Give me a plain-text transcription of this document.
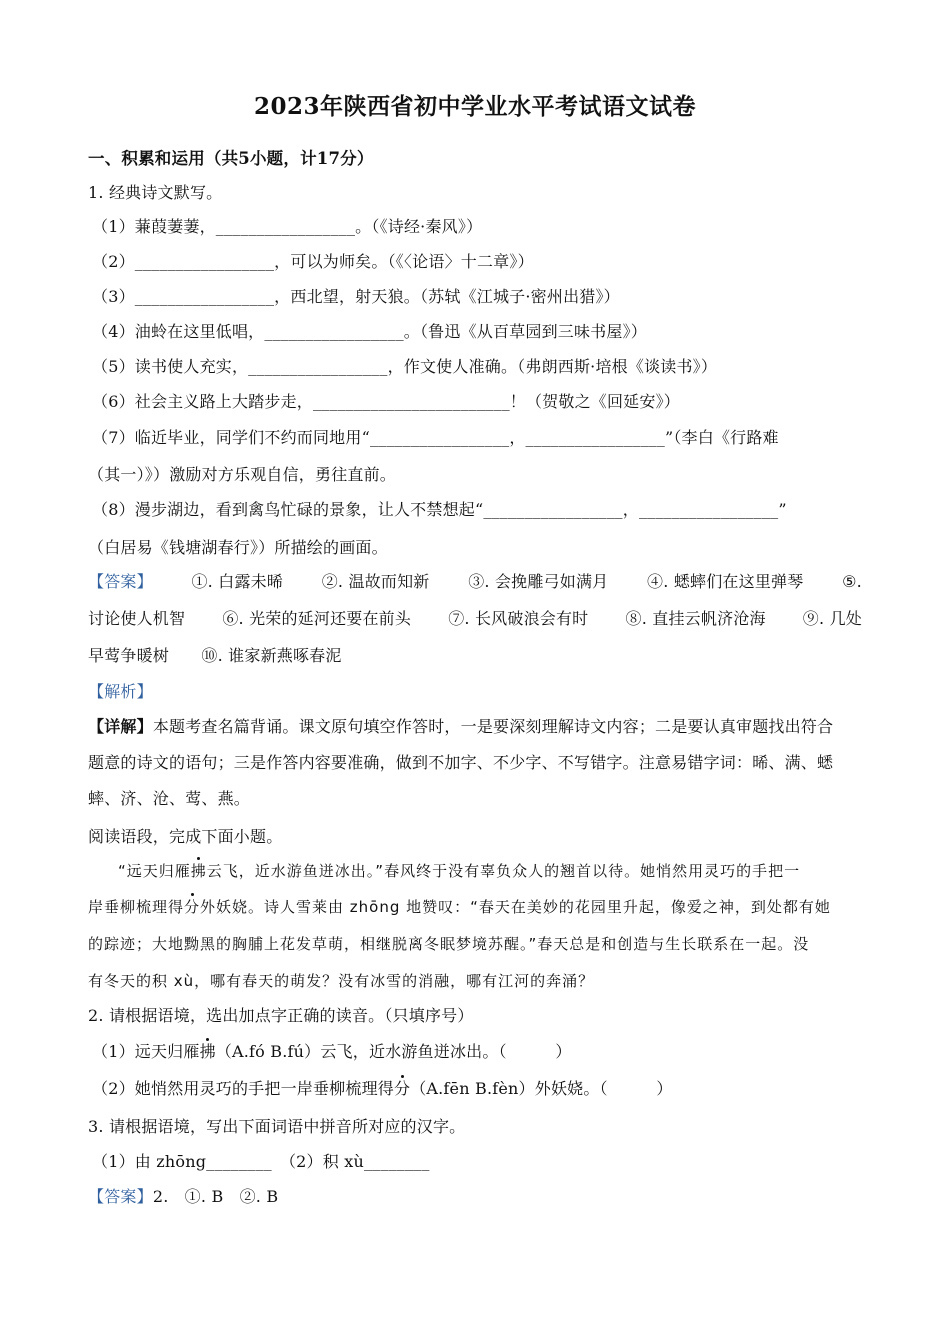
2023年陕西省初中学业水平考试语文试卷
一、积累和运用（共5小题，计17分）
1. 经典诗文默写。
（1）蒹葭萋萋，_________________。（《诗经·秦风》）
（2）_________________，可以为师矣。（《〈论语〉十二章》）
（3）_________________，西北望，射天狼。（苏轼《江城子·密州出猎》）
（4）油蛉在这里低唱，_________________。（鲁迅《从百草园到三味书屋》）
（5）读书使人充实，_________________，作文使人准确。（弗朗西斯·培根《谈读书》）
（6）社会主义路上大踏步走，________________________！（贺敬之《回延安》）
（7）临近毕业，同学们不约而同地用“_________________，_________________”（李白《行路难
（其一）》）激励对方乐观自信，勇往直前。
（8）漫步湖边，看到禽鸟忙碌的景象，让人不禁想起“_________________，_________________”
（白居易《钱塘湖春行》）所描绘的画面。
【答案】 ①. 白露未晞 ②. 温故而知新 ③. 会挽雕弓如满月 ④. 蟋蟀们在这里弹琴 ⑤.
讨论使人机智 ⑥. 光荣的延河还要在前头 ⑦. 长风破浪会有时 ⑧. 直挂云帆济沧海 ⑨. 几处
早莺争暖树　　⑩. 谁家新燕啄春泥
【解析】
【详解】本题考查名篇背诵。课文原句填空作答时，一是要深刻理解诗文内容；二是要认真审题找出符合
题意的诗文的语句；三是作答内容要准确，做到不加字、不少字、不写错字。注意易错字词：晞、满、蟋
蟀、济、沧、莺、燕。
阅读语段，完成下面小题。
“远天归雁拂云飞，近水游鱼迸冰出。”春风终于没有辜负众人的翘首以待。她悄然用灵巧的手把一
岸垂柳梳理得分外妖娆。诗人雪莱由 zhōng 地赞叹：“春天在美妙的花园里升起，像爱之神，到处都有她
的踪迹；大地黝黑的胸脯上花发草萌，相继脱离冬眠梦境苏醒。”春天总是和创造与生长联系在一起。没
有冬天的积 xù，哪有春天的萌发？没有冰雪的消融，哪有江河的奔涌？
2. 请根据语境，选出加点字正确的读音。（只填序号）
（1）远天归雁拂（A.fó B.fú）云飞，近水游鱼迸冰出。（　　　）
（2）她悄然用灵巧的手把一岸垂柳梳理得分（A.fēn B.fèn）外妖娆。（　　　）
3. 请根据语境，写出下面词语中拼音所对应的汉字。
（1）由 zhōng________　（2）积 xù________
【答案】2.　①. B　②. B
